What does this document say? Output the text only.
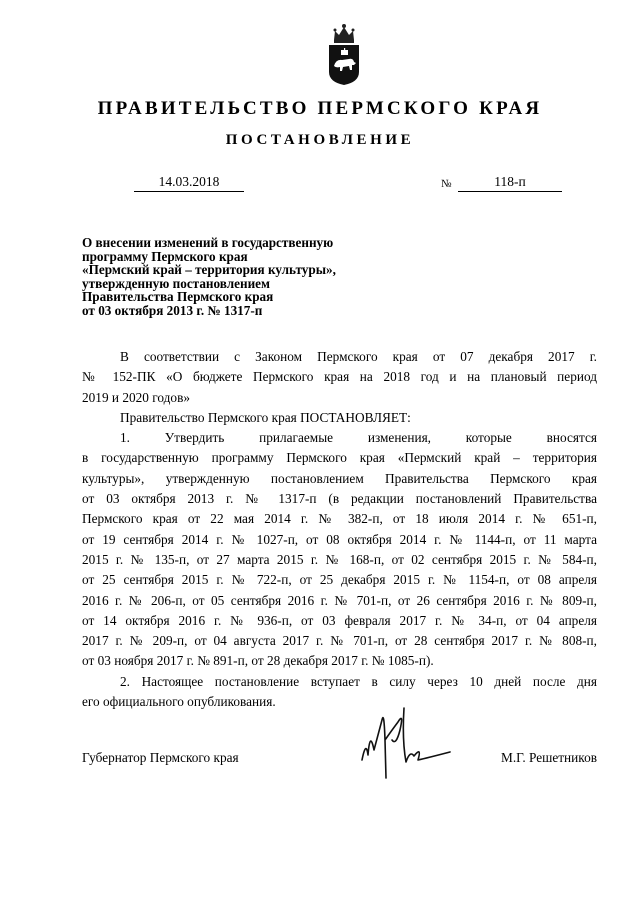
ПРАВИТЕЛЬСТВО ПЕРМСКОГО КРАЯ
ПОСТАНОВЛЕНИЕ
14.03.2018	№	118-п
О внесении изменений в государственную
программу Пермского края
«Пермский край – территория культуры»,
утвержденную постановлением
Правительства Пермского края
от 03 октября 2013 г. № 1317-п
В соответствии с Законом Пермского края от 07 декабря 2017 г.
№ 152-ПК «О бюджете Пермского края на 2018 год и на плановый период
2019 и 2020 годов»
Правительство Пермского края ПОСТАНОВЛЯЕТ:
1. Утвердить прилагаемые изменения, которые вносятся
в государственную программу Пермского края «Пермский край – территория
культуры», утвержденную постановлением Правительства Пермского края
от 03 октября 2013 г. № 1317-п (в редакции постановлений Правительства
Пермского края от 22 мая 2014 г. № 382-п, от 18 июля 2014 г. № 651-п,
от 19 сентября 2014 г. № 1027-п, от 08 октября 2014 г. № 1144-п, от 11 марта
2015 г. № 135-п, от 27 марта 2015 г. № 168-п, от 02 сентября 2015 г. № 584-п,
от 25 сентября 2015 г. № 722-п, от 25 декабря 2015 г. № 1154-п, от 08 апреля
2016 г. № 206-п, от 05 сентября 2016 г. № 701-п, от 26 сентября 2016 г. № 809-п,
от 14 октября 2016 г. № 936-п, от 03 февраля 2017 г. № 34-п, от 04 апреля
2017 г. № 209-п, от 04 августа 2017 г. № 701-п, от 28 сентября 2017 г. № 808-п,
от 03 ноября 2017 г. № 891-п, от 28 декабря 2017 г. № 1085-п).
2. Настоящее постановление вступает в силу через 10 дней после дня
его официального опубликования.
Губернатор Пермского края	М.Г. Решетников
